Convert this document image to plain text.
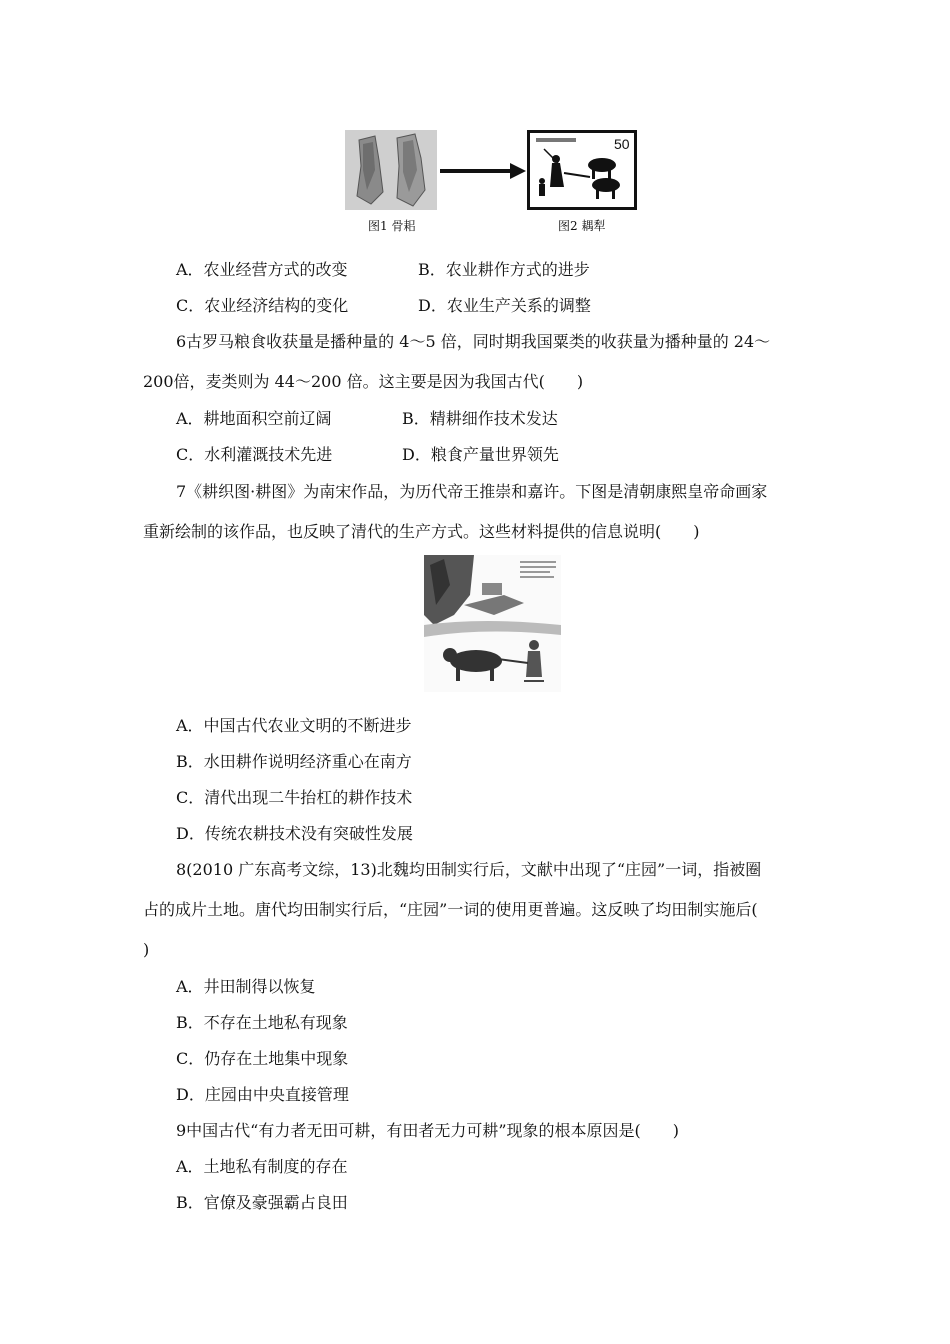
50
图1 骨耜	图2 耦犁
A．农业经营方式的改变	B．农业耕作方式的进步
C．农业经济结构的变化	D．农业生产关系的调整
6古罗马粮食收获量是播种量的 4～5 倍，同时期我国粟类的收获量为播种量的 24～
200倍，麦类则为 44～200 倍。这主要是因为我国古代(　　)
A．耕地面积空前辽阔	B．精耕细作技术发达
C．水利灌溉技术先进	D．粮食产量世界领先
7《耕织图·耕图》为南宋作品，为历代帝王推崇和嘉许。下图是清朝康熙皇帝命画家
重新绘制的该作品，也反映了清代的生产方式。这些材料提供的信息说明(　　)
A．中国古代农业文明的不断进步
B．水田耕作说明经济重心在南方
C．清代出现二牛抬杠的耕作技术
D．传统农耕技术没有突破性发展
8(2010 广东高考文综，13)北魏均田制实行后，文献中出现了“庄园”一词，指被圈
占的成片土地。唐代均田制实行后，“庄园”一词的使用更普遍。这反映了均田制实施后(
)
A．井田制得以恢复
B．不存在土地私有现象
C．仍存在土地集中现象
D．庄园由中央直接管理
9中国古代“有力者无田可耕，有田者无力可耕”现象的根本原因是(　　)
A．土地私有制度的存在
B．官僚及豪强霸占良田
